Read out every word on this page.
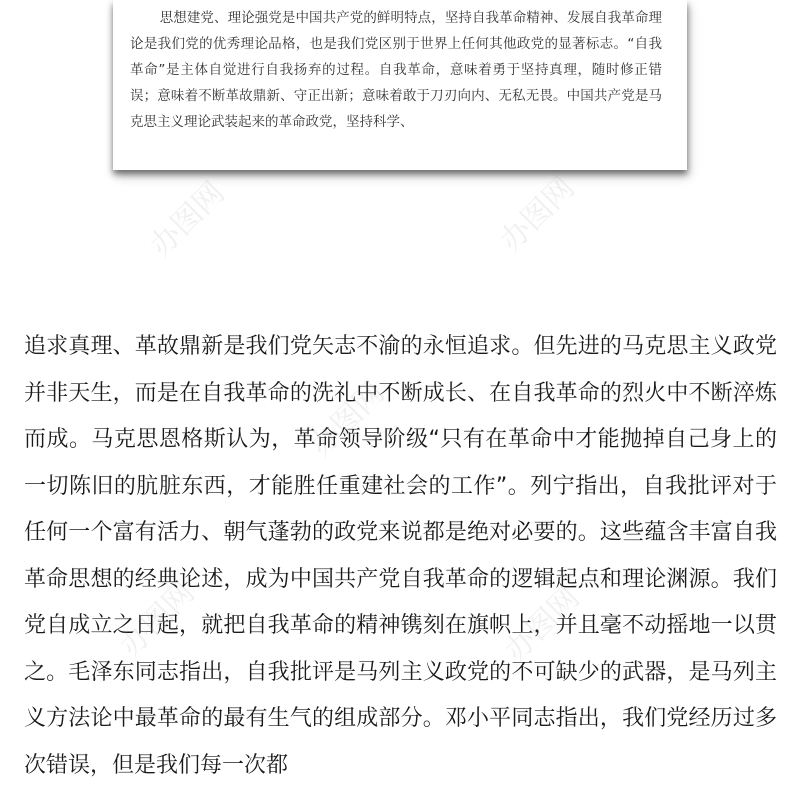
思想建党、理论强党是中国共产党的鲜明特点，坚持自我革命精神、发展自我革命理论是我们党的优秀理论品格，也是我们党区别于世界上任何其他政党的显著标志。“自我革命”是主体自觉进行自我扬弃的过程。自我革命，意味着勇于坚持真理，随时修正错误；意味着不断革故鼎新、守正出新；意味着敢于刀刃向内、无私无畏。中国共产党是马克思主义理论武装起来的革命政党，坚持科学、

追求真理、革故鼎新是我们党矢志不渝的永恒追求。但先进的马克思主义政党并非天生，而是在自我革命的洗礼中不断成长、在自我革命的烈火中不断淬炼而成。马克思恩格斯认为，革命领导阶级“只有在革命中才能抛掉自己身上的一切陈旧的肮脏东西，才能胜任重建社会的工作”。列宁指出，自我批评对于任何一个富有活力、朝气蓬勃的政党来说都是绝对必要的。这些蕴含丰富自我革命思想的经典论述，成为中国共产党自我革命的逻辑起点和理论渊源。我们党自成立之日起，就把自我革命的精神镌刻在旗帜上，并且毫不动摇地一以贯之。毛泽东同志指出，自我批评是马列主义政党的不可缺少的武器，是马列主义方法论中最革命的最有生气的组成部分。邓小平同志指出，我们党经历过多次错误，但是我们每一次都

办图网	办图网
办图网
办图网	办图网
